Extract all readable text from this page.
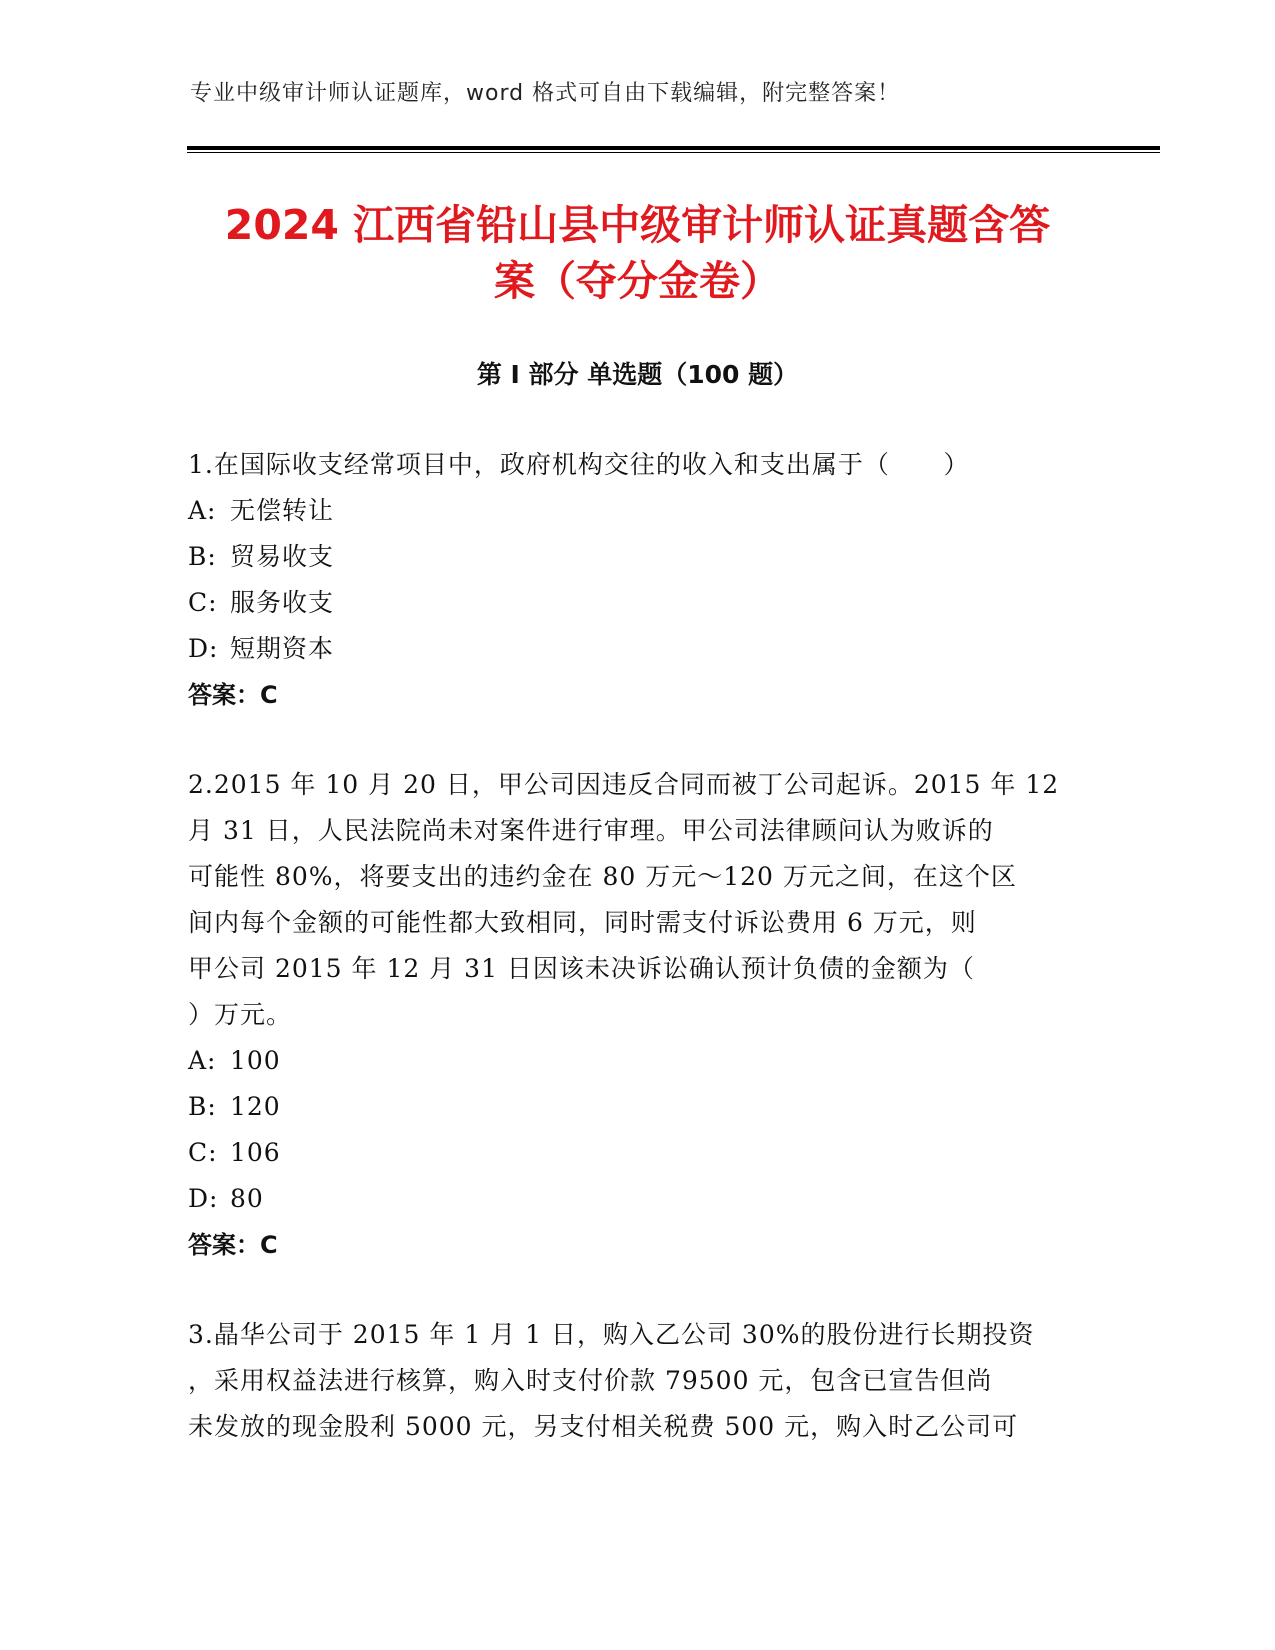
专业中级审计师认证题库，word 格式可自由下载编辑，附完整答案！
2024 江西省铅山县中级审计师认证真题含答
案（夺分金卷）
第 I 部分 单选题（100 题）

1.在国际收支经常项目中，政府机构交往的收入和支出属于（      ）

A: 无偿转让

B: 贸易收支

C: 服务收支

D: 短期资本

答案：C

2.2015 年 10 月 20 日，甲公司因违反合同而被丁公司起诉。2015 年 12

月 31 日，人民法院尚未对案件进行审理。甲公司法律顾问认为败诉的

可能性 80%，将要支出的违约金在 80 万元～120 万元之间，在这个区

间内每个金额的可能性都大致相同，同时需支付诉讼费用 6 万元，则

甲公司 2015 年 12 月 31 日因该未决诉讼确认预计负债的金额为（

）万元。

A: 100

B: 120

C: 106

D: 80

答案：C

3.晶华公司于 2015 年 1 月 1 日，购入乙公司 30%的股份进行长期投资

，采用权益法进行核算，购入时支付价款 79500 元，包含已宣告但尚

未发放的现金股利 5000 元，另支付相关税费 500 元，购入时乙公司可
